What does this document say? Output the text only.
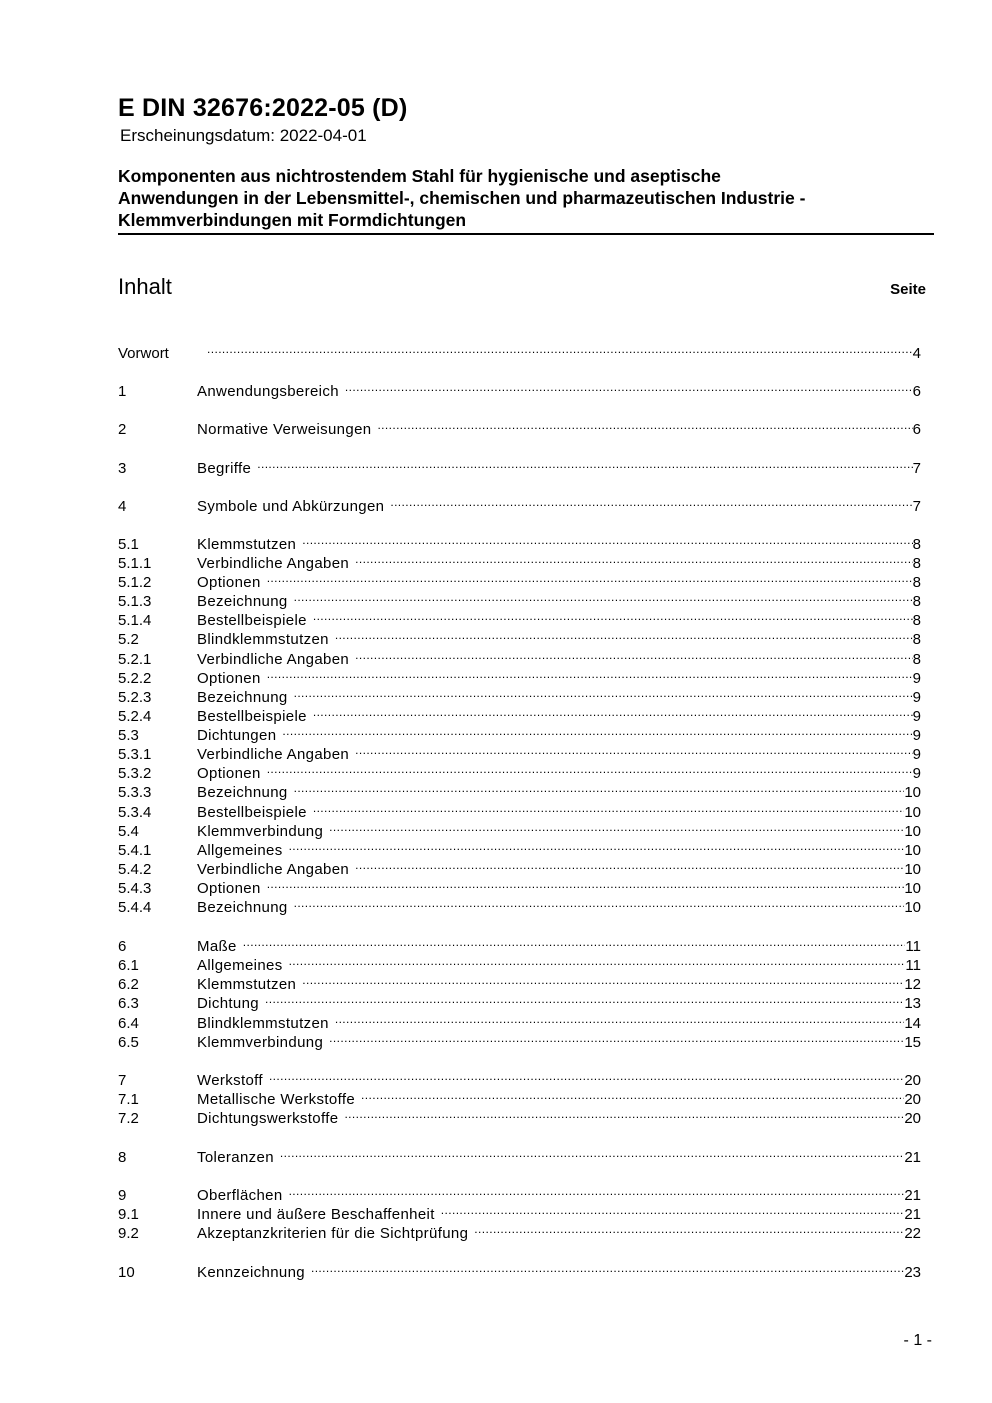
E DIN 32676:2022-05 (D)
Erscheinungsdatum: 2022-04-01
Komponenten aus nichtrostendem Stahl für hygienische und aseptische
Anwendungen in der Lebensmittel-, chemischen und pharmazeutischen Industrie -
Klemmverbindungen mit Formdichtungen
Inhalt	Seite
Vorwort .....	4
1	Anwendungsbereich .....	6
2	Normative Verweisungen .....	6
3	Begriffe .....	7
4	Symbole und Abkürzungen .....	7
5.1	Klemmstutzen .....	8
5.1.1	Verbindliche Angaben .....	8
5.1.2	Optionen .....	8
5.1.3	Bezeichnung .....	8
5.1.4	Bestellbeispiele .....	8
5.2	Blindklemmstutzen .....	8
5.2.1	Verbindliche Angaben .....	8
5.2.2	Optionen .....	9
5.2.3	Bezeichnung .....	9
5.2.4	Bestellbeispiele .....	9
5.3	Dichtungen .....	9
5.3.1	Verbindliche Angaben .....	9
5.3.2	Optionen .....	9
5.3.3	Bezeichnung .....	10
5.3.4	Bestellbeispiele .....	10
5.4	Klemmverbindung .....	10
5.4.1	Allgemeines .....	10
5.4.2	Verbindliche Angaben .....	10
5.4.3	Optionen .....	10
5.4.4	Bezeichnung .....	10
6	Maße .....	11
6.1	Allgemeines .....	11
6.2	Klemmstutzen .....	12
6.3	Dichtung .....	13
6.4	Blindklemmstutzen .....	14
6.5	Klemmverbindung .....	15
7	Werkstoff .....	20
7.1	Metallische Werkstoffe .....	20
7.2	Dichtungswerkstoffe .....	20
8	Toleranzen .....	21
9	Oberflächen .....	21
9.1	Innere und äußere Beschaffenheit .....	21
9.2	Akzeptanzkriterien für die Sichtprüfung .....	22
10	Kennzeichnung .....	23
- 1 -
